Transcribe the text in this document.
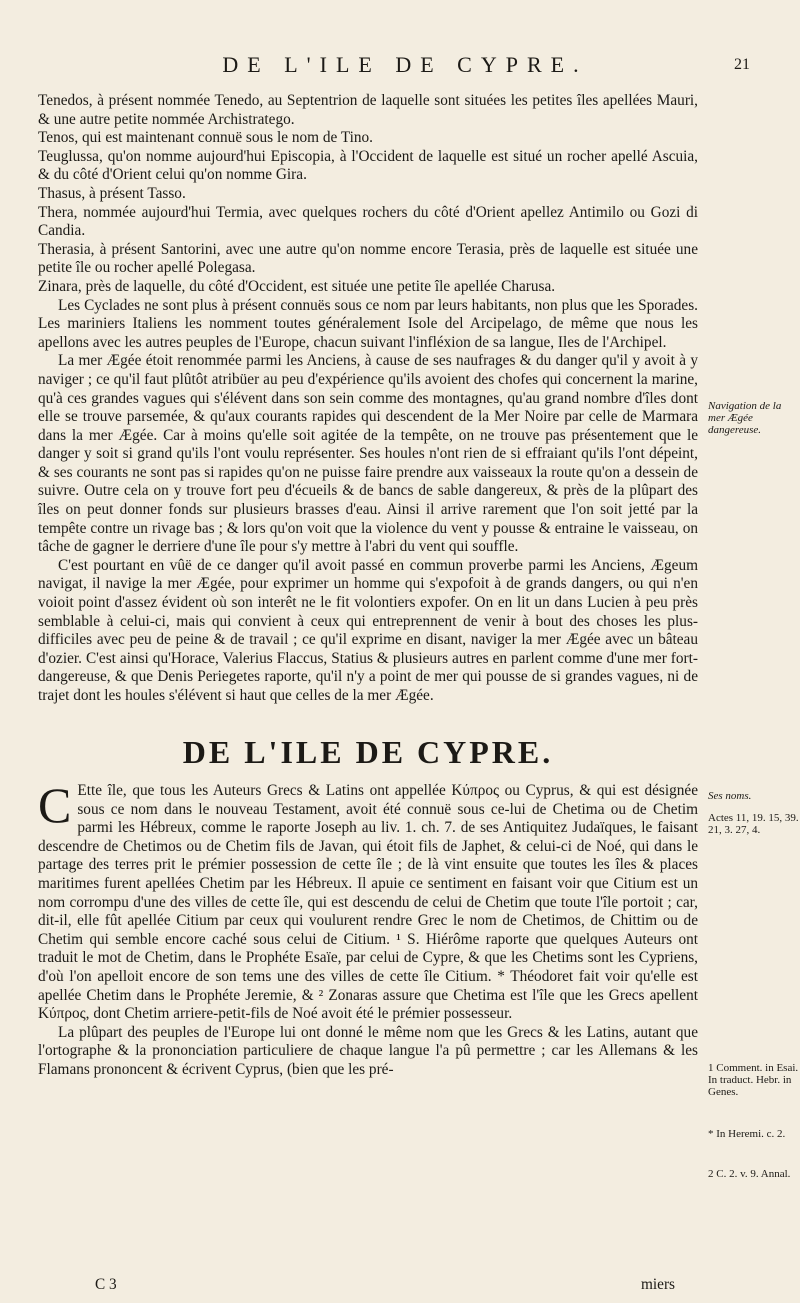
DE L'ILE DE CYPRE.	21

Tenedos, à présent nommée Tenedo, au Septentrion de laquelle sont situées les petites îles apellées Mauri, & une autre petite nommée Archistratego.

Tenos, qui est maintenant connuë sous le nom de Tino.

Teuglussa, qu'on nomme aujourd'hui Episcopia, à l'Occident de laquelle est situé un rocher apellé Ascuia, & du côté d'Orient celui qu'on nomme Gira.

Thasus, à présent Tasso.

Thera, nommée aujourd'hui Termia, avec quelques rochers du côté d'Orient apellez Antimilo ou Gozi di Candia.

Therasia, à présent Santorini, avec une autre qu'on nomme encore Terasia, près de laquelle est située une petite île ou rocher apellé Polegasa.

Zinara, près de laquelle, du côté d'Occident, est située une petite île apellée Charusa.

Les Cyclades ne sont plus à présent connuës sous ce nom par leurs habitants, non plus que les Sporades. Les mariniers Italiens les nomment toutes généralement Isole del Arcipelago, de même que nous les apellons avec les autres peuples de l'Europe, chacun suivant l'infléxion de sa langue, Iles de l'Archipel.

La mer Ægée étoit renommée parmi les Anciens, à cause de ses naufrages & du danger qu'il y avoit à y naviger ; ce qu'il faut plûtôt atribüer au peu d'expérience qu'ils avoient des chofes qui concernent la marine, qu'à ces grandes vagues qui s'élévent dans son sein comme des montagnes, qu'au grand nombre d'îles dont elle se trouve parsemée, & qu'aux courants rapides qui descendent de la Mer Noire par celle de Marmara dans la mer Ægée. Car à moins qu'elle soit agitée de la tempête, on ne trouve pas présentement que le danger y soit si grand qu'ils l'ont voulu représenter. Ses houles n'ont rien de si effraiant qu'ils l'ont dépeint, & ses courants ne sont pas si rapides qu'on ne puisse faire prendre aux vaisseaux la route qu'on a dessein de suivre. Outre cela on y trouve fort peu d'écueils & de bancs de sable dangereux, & près de la plûpart des îles on peut donner fonds sur plusieurs brasses d'eau. Ainsi il arrive rarement que l'on soit jetté par la tempête contre un rivage bas ; & lors qu'on voit que la violence du vent y pousse & entraine le vaisseau, on tâche de gagner le derriere d'une île pour s'y mettre à l'abri du vent qui souffle.

C'est pourtant en vûë de ce danger qu'il avoit passé en commun proverbe parmi les Anciens, Ægeum navigat, il navige la mer Ægée, pour exprimer un homme qui s'expofoit à de grands dangers, ou qui n'en voioit point d'assez évident où son interêt ne le fit volontiers expofer. On en lit un dans Lucien à peu près semblable à celui-ci, mais qui convient à ceux qui entreprennent de venir à bout des choses les plus-difficiles avec peu de peine & de travail ; ce qu'il exprime en disant, naviger la mer Ægée avec un bâteau d'ozier. C'est ainsi qu'Horace, Valerius Flaccus, Statius & plusieurs autres en parlent comme d'une mer fort-dangereuse, & que Denis Periegetes raporte, qu'il n'y a point de mer qui pousse de si grandes vagues, ni de trajet dont les houles s'élévent si haut que celles de la mer Ægée.

Navigation de la mer Ægée dangereuse.
DE L'ILE DE CYPRE.
C Ette île, que tous les Auteurs Grecs & Latins ont appellée Κύπρος ou Cyprus, & qui est désignée sous ce nom dans le nouveau Testament, avoit été connuë sous ce-lui de Chetima ou de Chetim parmi les Hébreux, comme le raporte Joseph au liv. 1. ch. 7. de ses Antiquitez Judaïques, le faisant descendre de Chetimos ou de Chetim fils de Javan, qui étoit fils de Japhet, & celui-ci de Noé, qui dans le partage des terres prit le prémier possession de cette île ; de là vint ensuite que toutes les îles & places maritimes furent apellées Chetim par les Hébreux. Il apuie ce sentiment en faisant voir que Citium est un nom corrompu d'une des villes de cette île, qui est descendu de celui de Chetim que toute l'île portoit ; car, dit-il, elle fût apellée Citium par ceux qui voulurent rendre Grec le nom de Chetimos, de Chittim ou de Chetim qui semble encore caché sous celui de Citium. ¹ S. Hiérôme raporte que quelques Auteurs ont traduit le mot de Chetim, dans le Prophéte Esaïe, par celui de Cypre, & que les Chetims sont les Cypriens, d'où l'on apelloit encore de son tems une des villes de cette île Citium. * Théodoret fait voir qu'elle est apellée Chetim dans le Prophéte Jeremie, & ² Zonaras assure que Chetima est l'île que les Grecs apellent Κύπρος, dont Chetim arriere-petit-fils de Noé avoit été le prémier possesseur.

La plûpart des peuples de l'Europe lui ont donné le même nom que les Grecs & les Latins, autant que l'ortographe & la prononciation particuliere de chaque langue l'a pû permettre ; car les Allemans & les Flamans prononcent & écrivent Cyprus, (bien que les pré-

Ses noms.
Actes 11, 19. 15, 39. 21, 3. 27, 4.
1 Comment. in Esai. In traduct. Hebr. in Genes.
* In Heremi. c. 2.
2 C. 2. v. 9. Annal.
C 3	miers
